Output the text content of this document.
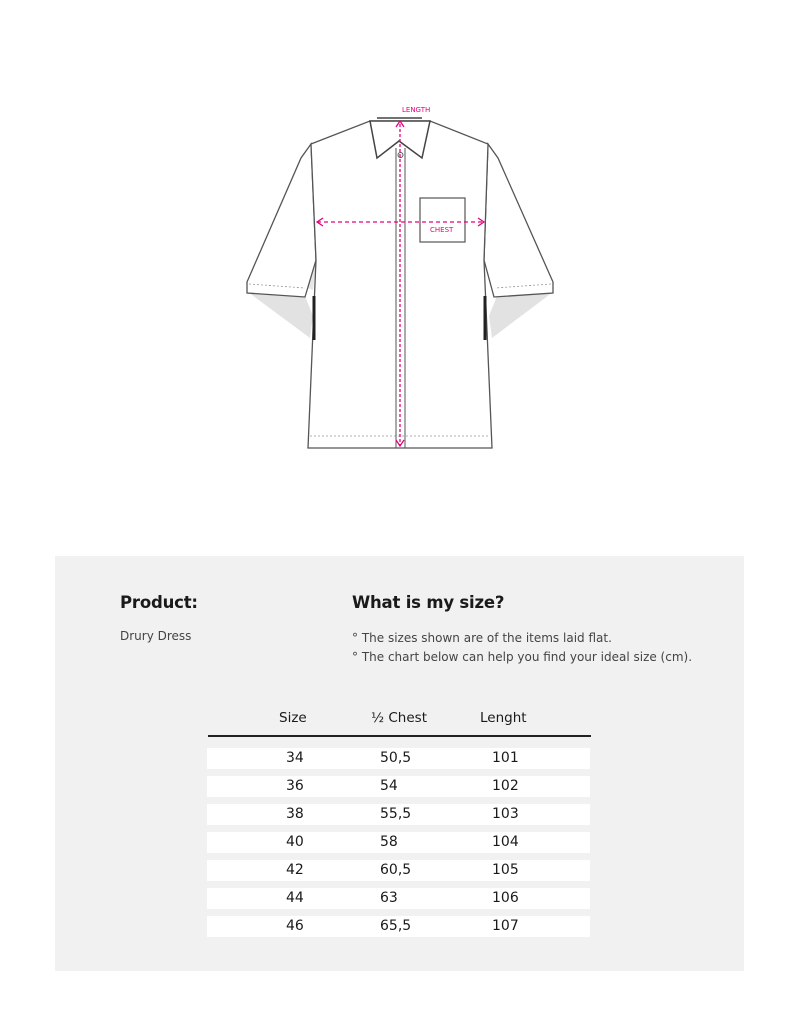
LENGTH
CHEST
Product:
Drury Dress
What is my size?
° The sizes shown are of the items laid flat.
° The chart below can help you find your ideal size (cm).
Size	½ Chest	Lenght
34	50,5	101
36	54	102
38	55,5	103
40	58	104
42	60,5	105
44	63	106
46	65,5	107
